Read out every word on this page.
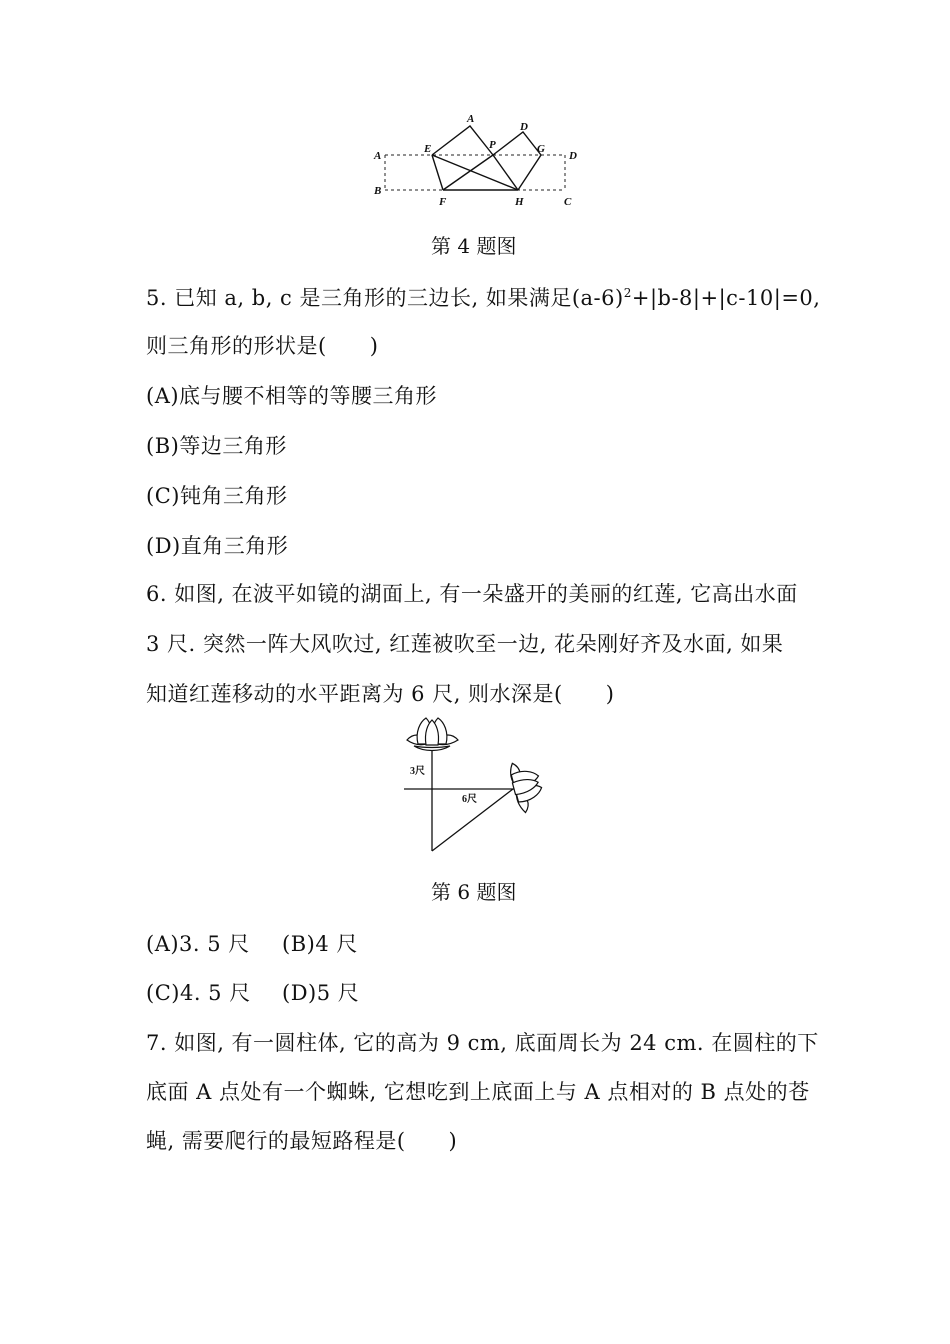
A
B
A
E	P
D
G
D
F	H	C
第 4 题图
5. 已知 a, b, c 是三角形的三边长, 如果满足$(a-6)^2+|b-8|+|c-10|=0$,
则三角形的形状是(　　)
(A)底与腰不相等的等腰三角形
(B)等边三角形
(C)钝角三角形
(D)直角三角形
6. 如图, 在波平如镜的湖面上, 有一朵盛开的美丽的红莲, 它高出水面
3 尺. 突然一阵大风吹过, 红莲被吹至一边, 花朵刚好齐及水面, 如果
知道红莲移动的水平距离为 6 尺, 则水深是(　　)
3尺
6尺
第 6 题图
(A)3. 5 尺 (B)4 尺
(C)4. 5 尺 (D)5 尺
7. 如图, 有一圆柱体, 它的高为 9 cm, 底面周长为 24 cm. 在圆柱的下
底面 A 点处有一个蜘蛛, 它想吃到上底面上与 A 点相对的 B 点处的苍
蝇, 需要爬行的最短路程是(　　)
